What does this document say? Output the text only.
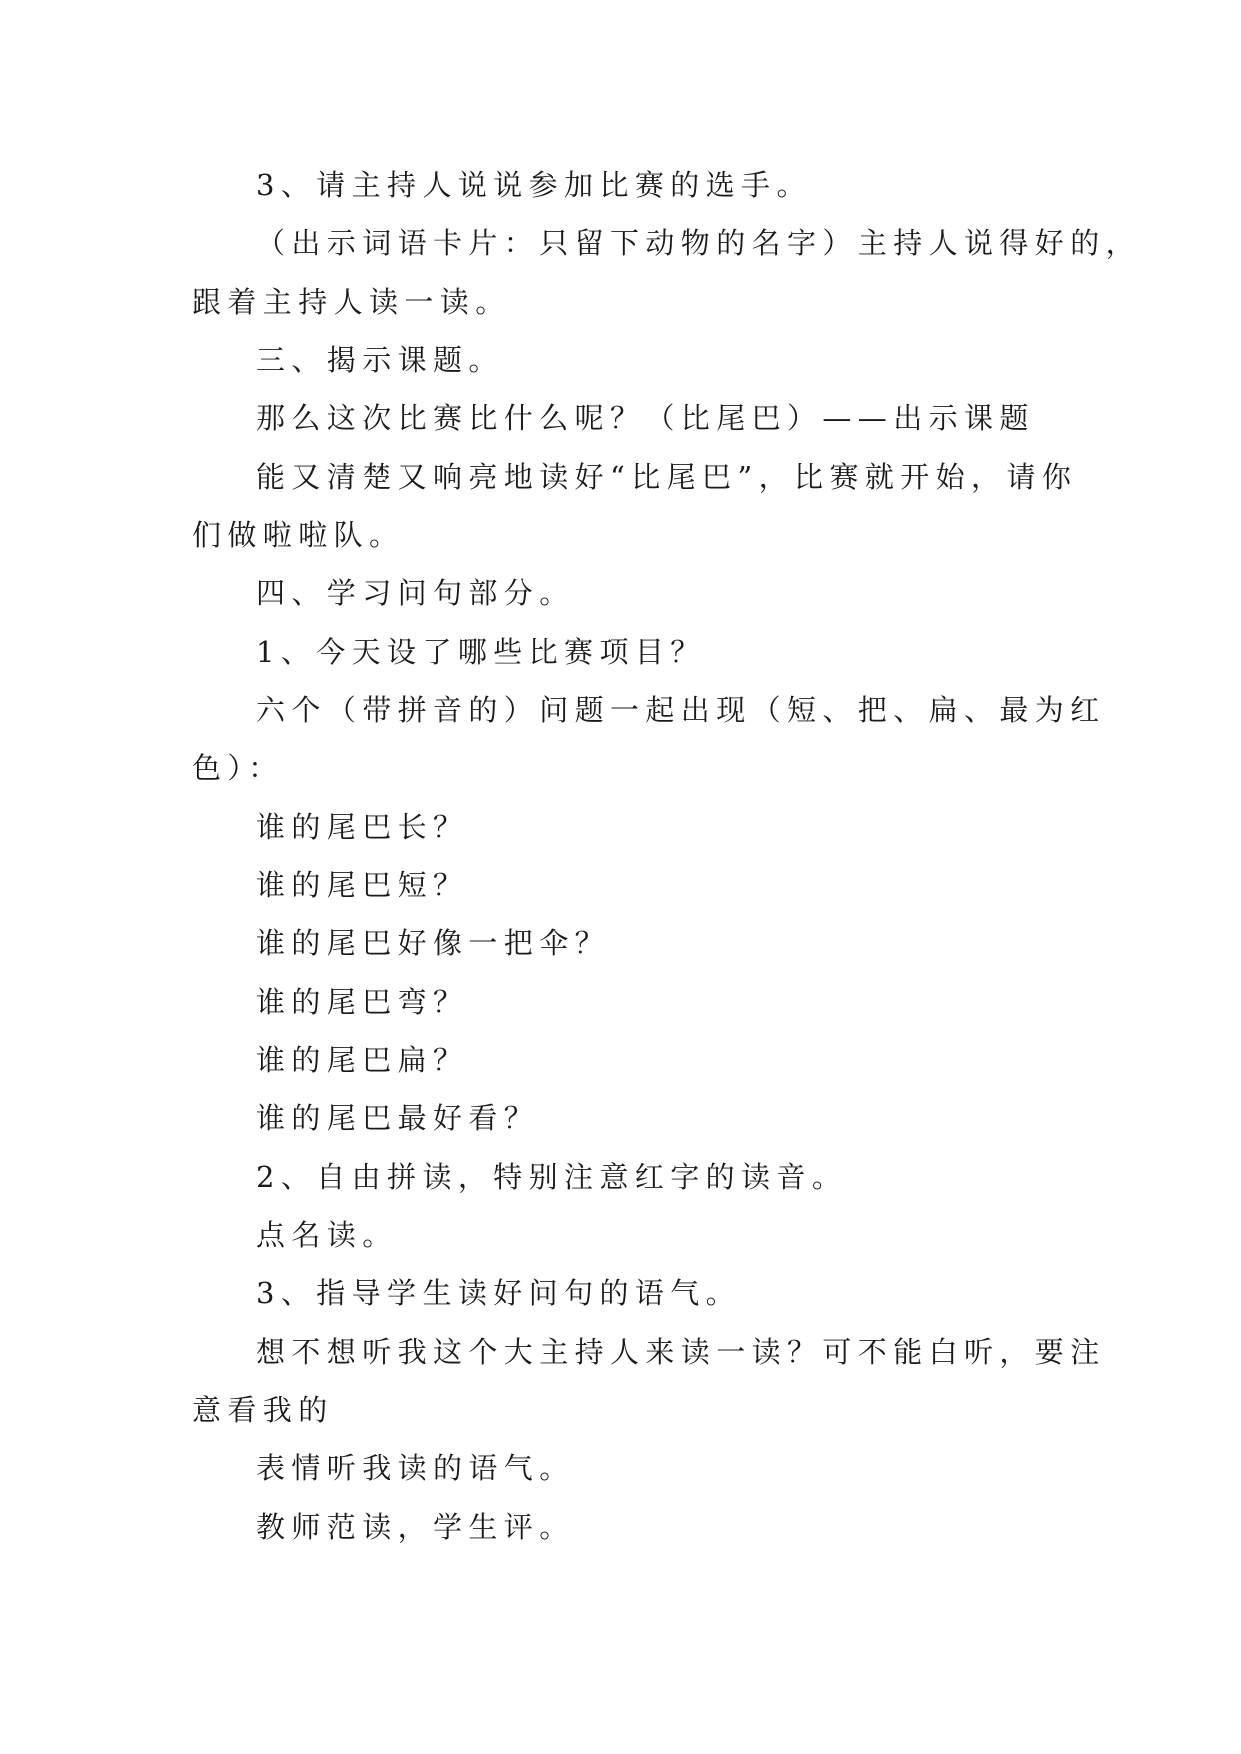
3、请主持人说说参加比赛的选手。
（出示词语卡片：只留下动物的名字）主持人说得好的，
跟着主持人读一读。
三、揭示课题。
那么这次比赛比什么呢？（比尾巴）——出示课题
能又清楚又响亮地读好“比尾巴”，比赛就开始，请你
们做啦啦队。
四、学习问句部分。
1、今天设了哪些比赛项目？
六个（带拼音的）问题一起出现（短、把、扁、最为红
色）：
谁的尾巴长？
谁的尾巴短？
谁的尾巴好像一把伞？
谁的尾巴弯？
谁的尾巴扁？
谁的尾巴最好看？
2、自由拼读，特别注意红字的读音。
点名读。
3、指导学生读好问句的语气。
想不想听我这个大主持人来读一读？可不能白听，要注
意看我的
表情听我读的语气。
教师范读，学生评。
